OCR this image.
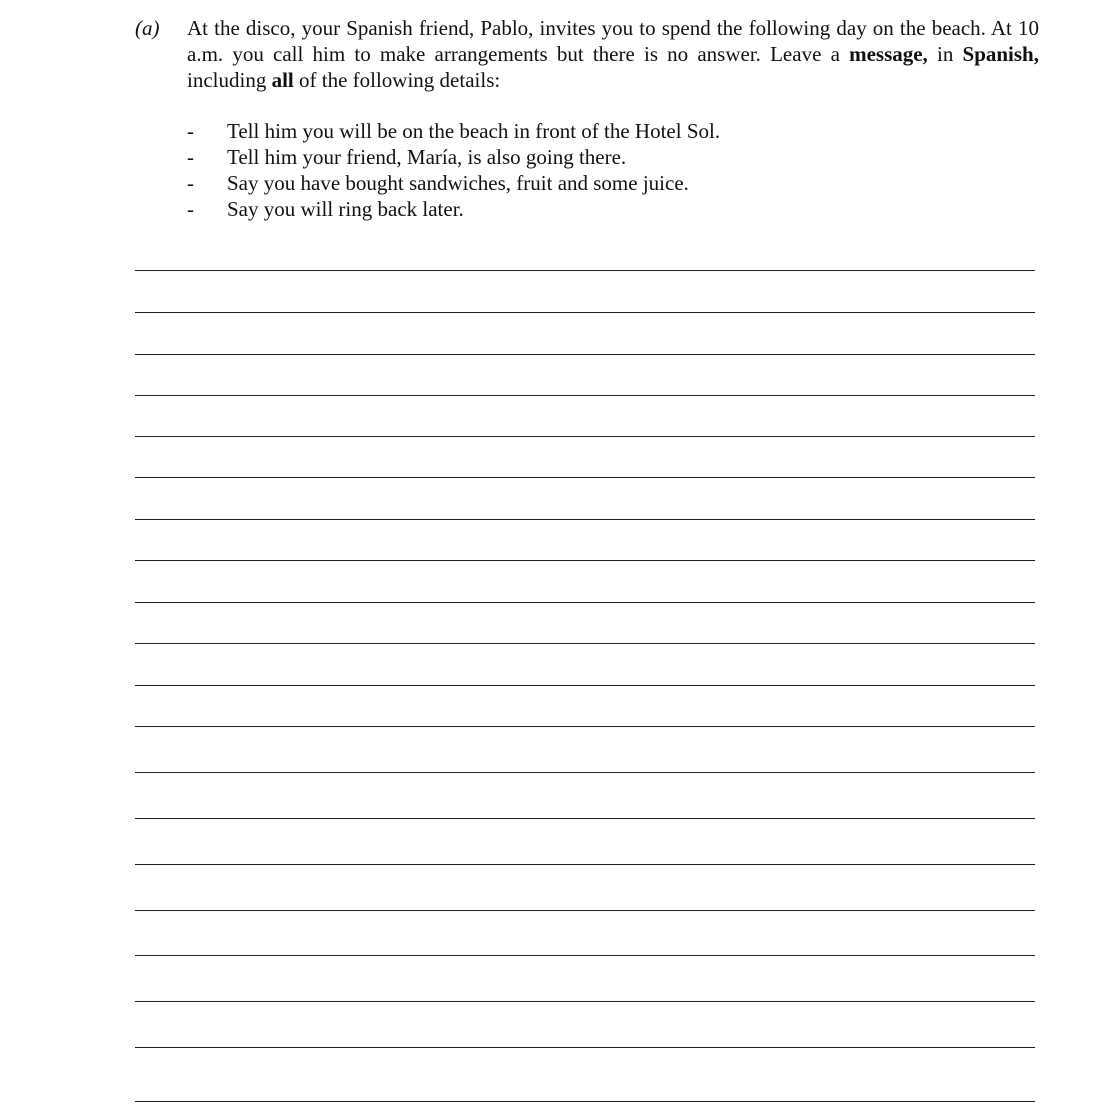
(a) At the disco, your Spanish friend, Pablo, invites you to spend the following day on the beach. At 10 a.m. you call him to make arrangements but there is no answer. Leave a message, in Spanish, including all of the following details:

- Tell him you will be on the beach in front of the Hotel Sol.
- Tell him your friend, María, is also going there.
- Say you have bought sandwiches, fruit and some juice.
- Say you will ring back later.
